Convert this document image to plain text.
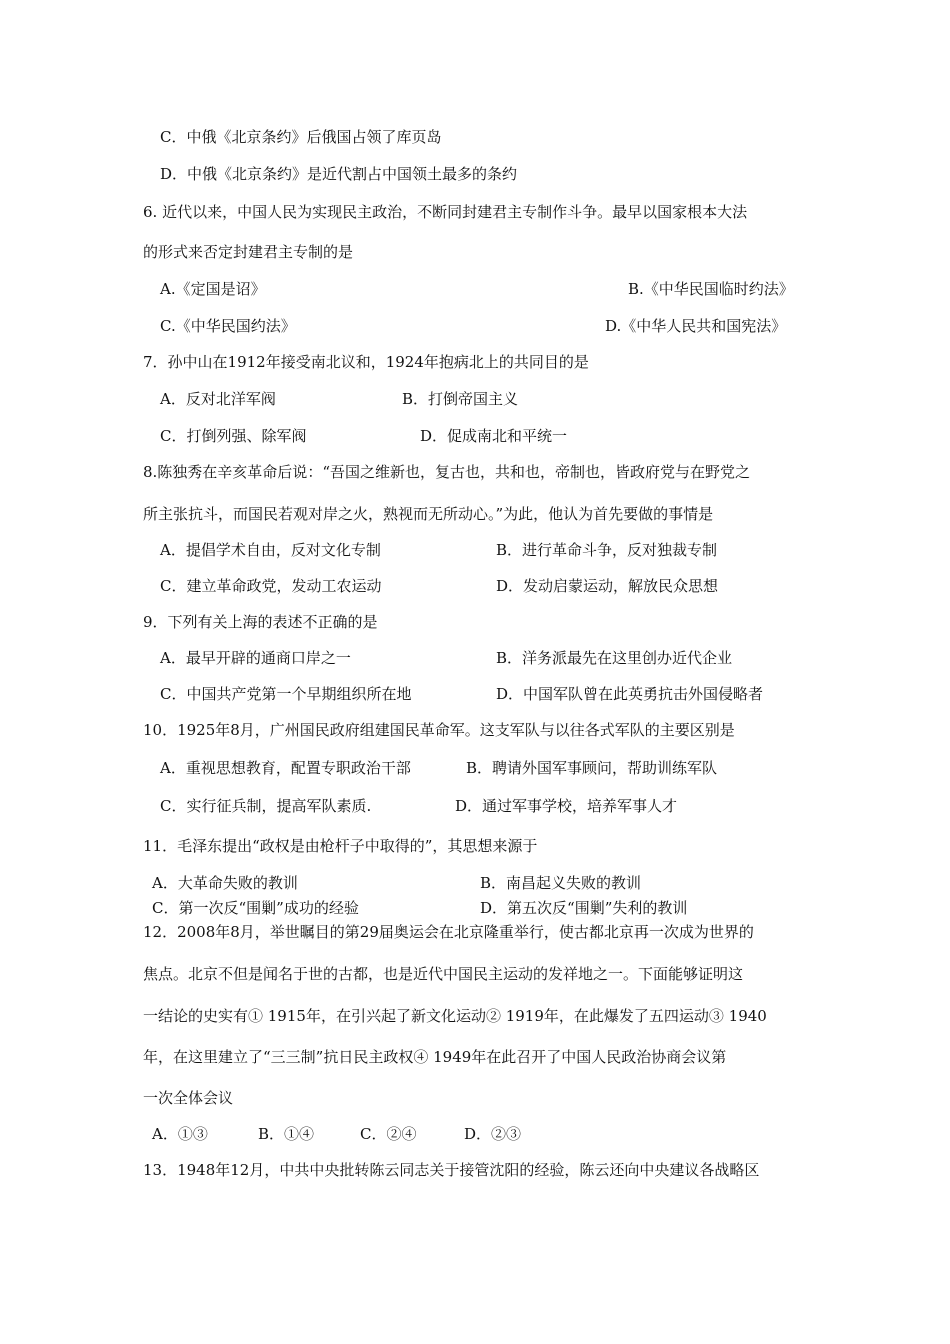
C．中俄《北京条约》后俄国占领了库页岛
D．中俄《北京条约》是近代割占中国领土最多的条约
6. 近代以来，中国人民为实现民主政治，不断同封建君主专制作斗争。最早以国家根本大法
的形式来否定封建君主专制的是
A.《定国是诏》	B.《中华民国临时约法》
C.《中华民国约法》	D.《中华人民共和国宪法》
7．孙中山在1912年接受南北议和，1924年抱病北上的共同目的是
A．反对北洋军阀	B．打倒帝国主义
C．打倒列强、除军阀	D．促成南北和平统一
8.陈独秀在辛亥革命后说：“吾国之维新也，复古也，共和也，帝制也，皆政府党与在野党之
所主张抗斗，而国民若观对岸之火，熟视而无所动心。”为此，他认为首先要做的事情是
A．提倡学术自由，反对文化专制	B．进行革命斗争，反对独裁专制
C．建立革命政党，发动工农运动	D．发动启蒙运动，解放民众思想
9．下列有关上海的表述不正确的是
A．最早开辟的通商口岸之一	B．洋务派最先在这里创办近代企业
C．中国共产党第一个早期组织所在地	D．中国军队曾在此英勇抗击外国侵略者
10．1925年8月，广州国民政府组建国民革命军。这支军队与以往各式军队的主要区别是
A．重视思想教育，配置专职政治干部	B．聘请外国军事顾问，帮助训练军队
C．实行征兵制，提高军队素质.	D．通过军事学校，培养军事人才
11．毛泽东提出“政权是由枪杆子中取得的”，其思想来源于
A．大革命失败的教训	B．南昌起义失败的教训
C．第一次反“围剿”成功的经验	D．第五次反“围剿”失利的教训
12．2008年8月，举世瞩目的第29届奥运会在北京隆重举行，使古都北京再一次成为世界的
焦点。北京不但是闻名于世的古都，也是近代中国民主运动的发祥地之一。下面能够证明这
一结论的史实有① 1915年，在引兴起了新文化运动② 1919年，在此爆发了五四运动③ 1940
年，在这里建立了“三三制”抗日民主政权④ 1949年在此召开了中国人民政治协商会议第
一次全体会议
A．①③	B．①④	C．②④	D．②③
13．1948年12月，中共中央批转陈云同志关于接管沈阳的经验，陈云还向中央建议各战略区
